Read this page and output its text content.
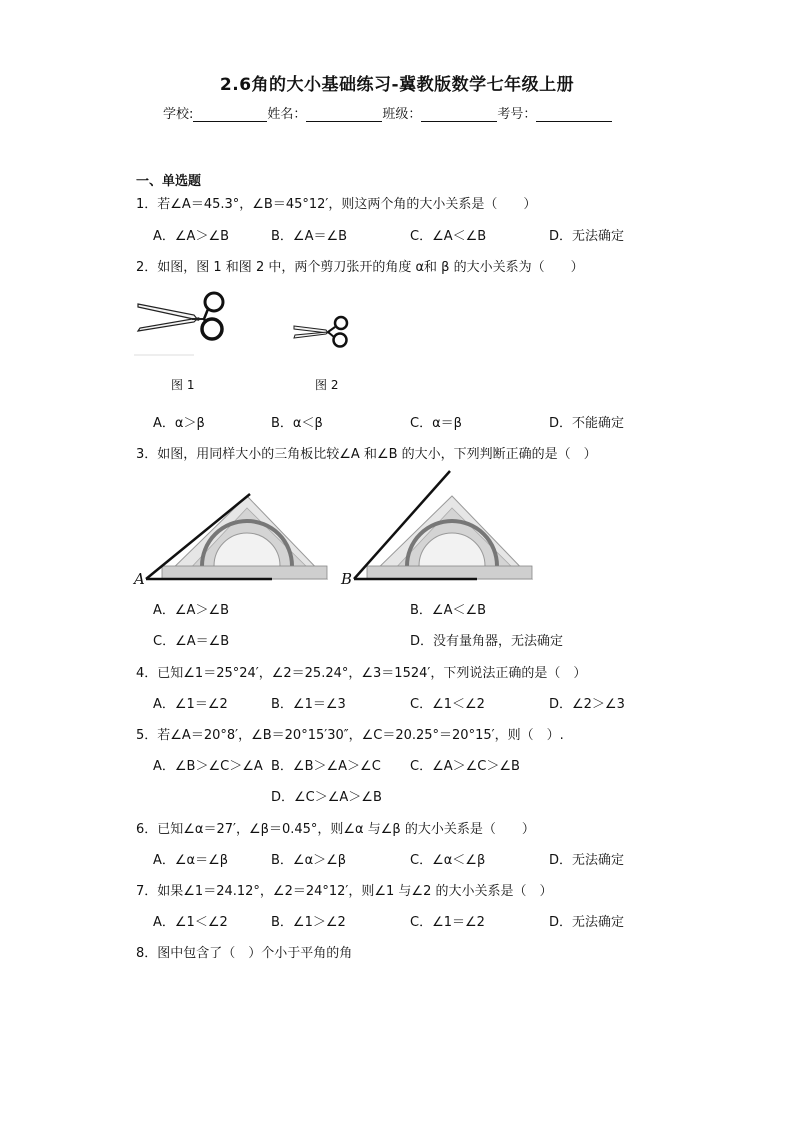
2.6角的大小基础练习-冀教版数学七年级上册
学校:	姓名：	班级：	考号：
一、单选题
1．若∠A＝45.3°，∠B＝45°12′，则这两个角的大小关系是（　　）
A．∠A＞∠B	B．∠A＝∠B	C．∠A＜∠B	D．无法确定
2．如图，图 1 和图 2 中，两个剪刀张开的角度 α和 β 的大小关系为（　　）
图 1	图 2
A．α＞β	B．α＜β	C．α＝β	D．不能确定
3．如图，用同样大小的三角板比较∠A 和∠B 的大小，下列判断正确的是（　）
A	B
A．∠A＞∠B	B．∠A＜∠B
C．∠A＝∠B	D．没有量角器，无法确定
4．已知∠1＝25°24′，∠2＝25.24°，∠3＝1524′，下列说法正确的是（　）
A．∠1＝∠2	B．∠1＝∠3	C．∠1＜∠2	D．∠2＞∠3
5．若∠A＝20°8′，∠B＝20°15′30″，∠C＝20.25°＝20°15′，则（　）.
A．∠B＞∠C＞∠A B．∠B＞∠A＞∠C C．∠A＞∠C＞∠B
D．∠C＞∠A＞∠B
6．已知∠α＝27′，∠β＝0.45°，则∠α 与∠β 的大小关系是（　　）
A．∠α＝∠β	B．∠α＞∠β	C．∠α＜∠β	D．无法确定
7．如果∠1＝24.12°，∠2＝24°12′，则∠1 与∠2 的大小关系是（　）
A．∠1＜∠2	B．∠1＞∠2	C．∠1＝∠2	D．无法确定
8．图中包含了（　）个小于平角的角
